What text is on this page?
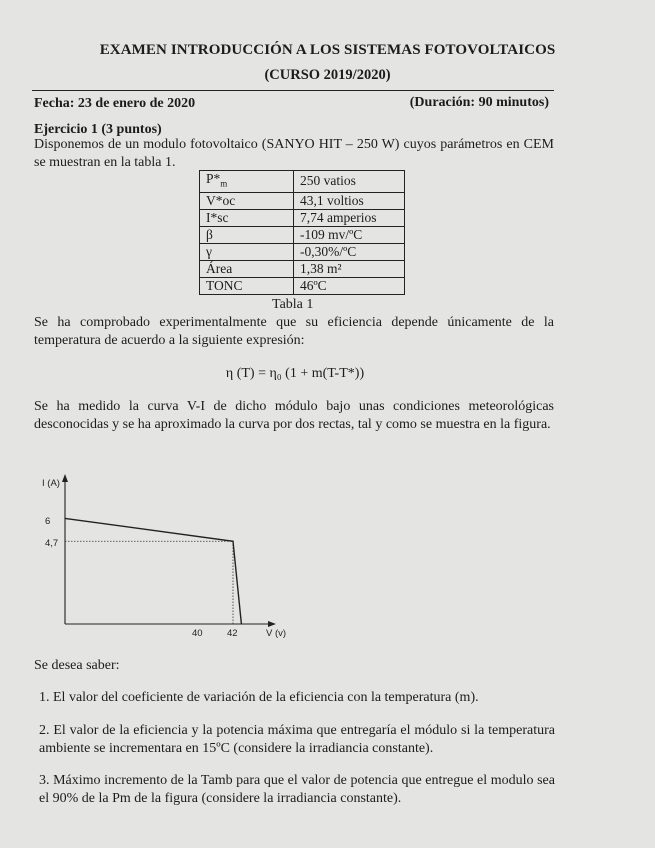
EXAMEN INTRODUCCIÓN A LOS SISTEMAS FOTOVOLTAICOS
(CURSO 2019/2020)
Fecha: 23 de enero de 2020	(Duración: 90 minutos)
Ejercicio 1 (3 puntos)
Disponemos de un modulo fotovoltaico (SANYO HIT – 250 W) cuyos parámetros en CEM se muestran en la tabla 1.
$P*_m$	250 vatios
V*oc	43,1 voltios
I*sc	7,74 amperios
β	-109 mv/ºC
γ	-0,30%/ºC
Área	1,38 m²
TONC	46ºC
Tabla 1
Se ha comprobado experimentalmente que su eficiencia depende únicamente de la temperatura de acuerdo a la siguiente expresión:
η (T) = η₀ (1 + m(T-T*))
Se ha medido la curva V-I de dicho módulo bajo unas condiciones meteorológicas desconocidas y se ha aproximado la curva por dos rectas, tal y como se muestra en la figura.
I (A)
V (v)
40	42
6
4,7
Se desea saber:
1. El valor del coeficiente de variación de la eficiencia con la temperatura (m).
2. El valor de la eficiencia y la potencia máxima que entregaría el módulo si la temperatura ambiente se incrementara en 15ºC (considere la irradiancia constante).
3. Máximo incremento de la Tamb para que el valor de potencia que entregue el modulo sea el 90% de la Pm de la figura (considere la irradiancia constante).
